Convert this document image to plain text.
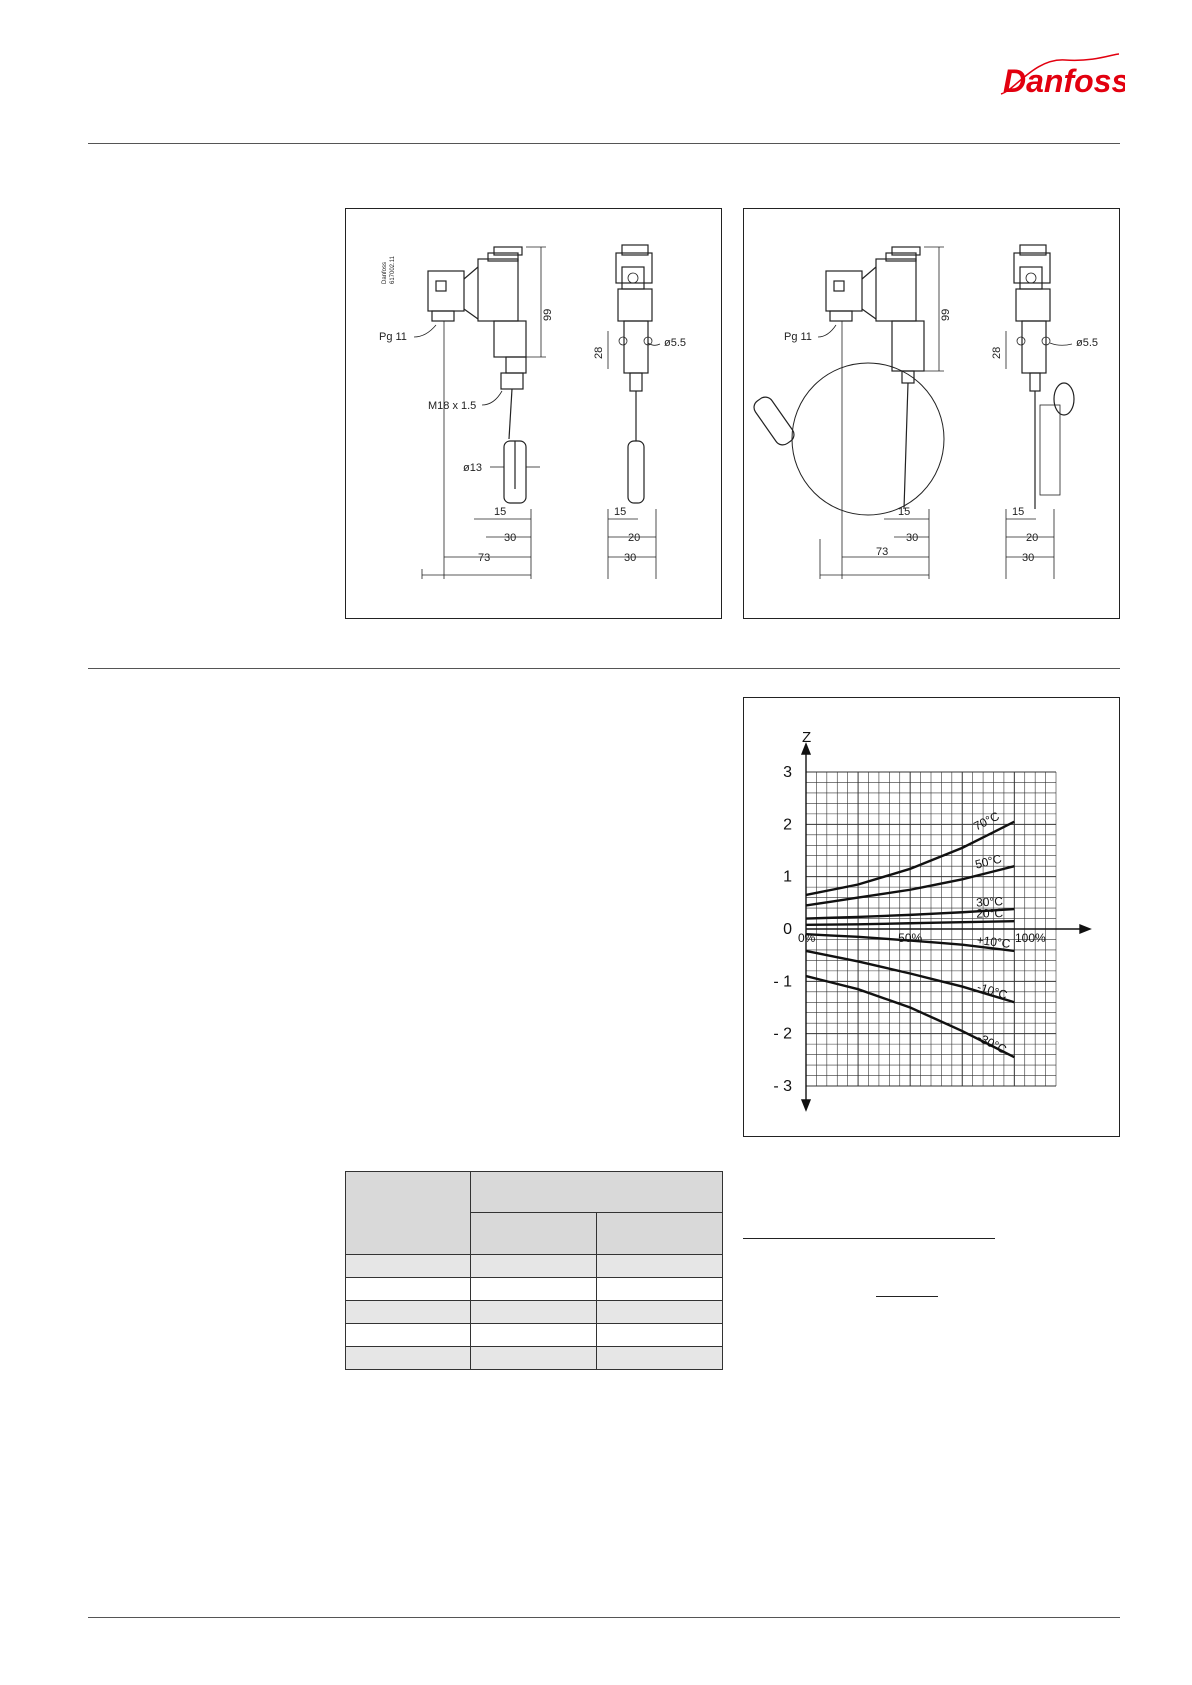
Danfoss
Danfoss 617002.11
99
Pg 11
M18 x 1.5
ø13
15
30
73
28
ø5.5
15
20
30
99
Pg 11
15
30
73
28
ø5.5
15
20
30
Z
3
2
1
0
- 1
- 2
- 3
0%	50%	100%
70°C
50°C
30°C
20°C
+10°C
-10°C
-30°C
